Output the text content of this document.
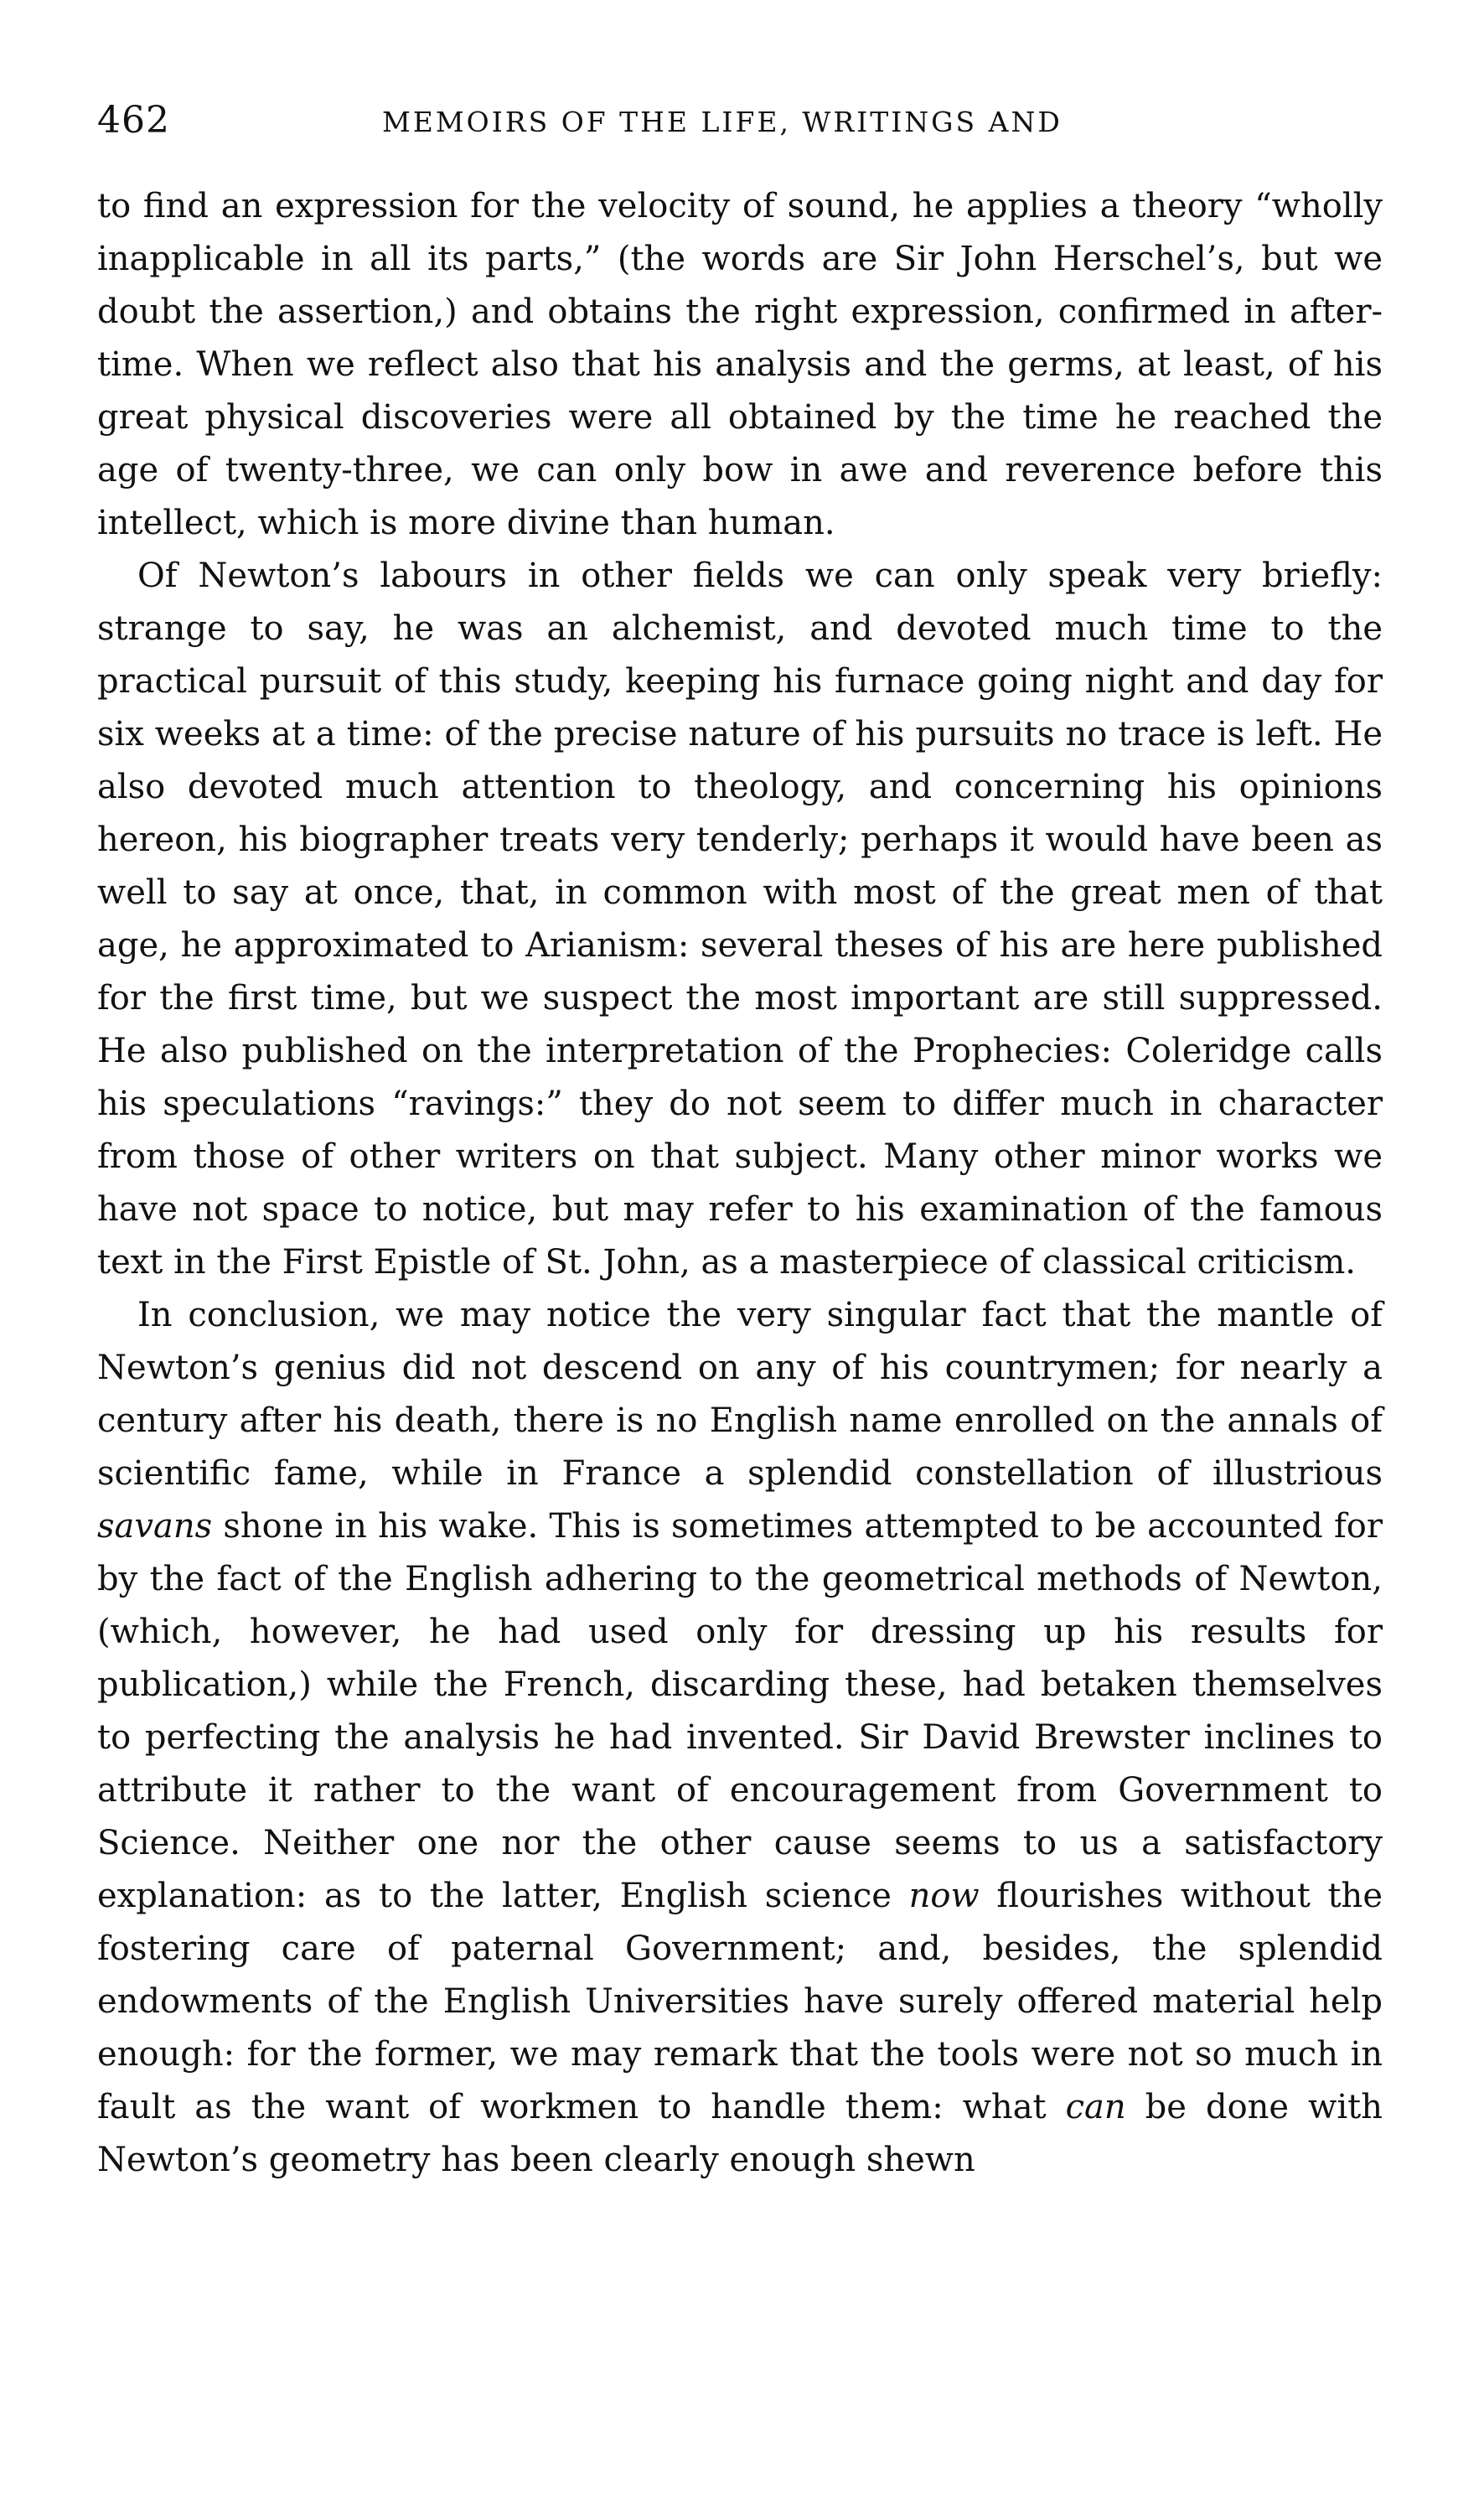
462	MEMOIRS OF THE LIFE, WRITINGS AND

to find an expression for the velocity of sound, he applies a theory “wholly inapplicable in all its parts,” (the words are Sir John Herschel’s, but we doubt the assertion,) and obtains the right expression, confirmed in after-time. When we reflect also that his analysis and the germs, at least, of his great physical discoveries were all obtained by the time he reached the age of twenty-three, we can only bow in awe and reverence before this intellect, which is more divine than human.

Of Newton’s labours in other fields we can only speak very briefly: strange to say, he was an alchemist, and devoted much time to the practical pursuit of this study, keeping his furnace going night and day for six weeks at a time: of the precise nature of his pursuits no trace is left. He also devoted much attention to theology, and concerning his opinions hereon, his biographer treats very tenderly; perhaps it would have been as well to say at once, that, in common with most of the great men of that age, he approximated to Arianism: several theses of his are here published for the first time, but we suspect the most important are still suppressed. He also published on the interpretation of the Prophecies: Coleridge calls his speculations “ravings:” they do not seem to differ much in character from those of other writers on that subject. Many other minor works we have not space to notice, but may refer to his examination of the famous text in the First Epistle of St. John, as a masterpiece of classical criticism.

In conclusion, we may notice the very singular fact that the mantle of Newton’s genius did not descend on any of his countrymen; for nearly a century after his death, there is no English name enrolled on the annals of scientific fame, while in France a splendid constellation of illustrious savans shone in his wake. This is sometimes attempted to be accounted for by the fact of the English adhering to the geometrical methods of Newton, (which, however, he had used only for dressing up his results for publication,) while the French, discarding these, had betaken themselves to perfecting the analysis he had invented. Sir David Brewster inclines to attribute it rather to the want of encouragement from Government to Science. Neither one nor the other cause seems to us a satisfactory explanation: as to the latter, English science now flourishes without the fostering care of paternal Government; and, besides, the splendid endowments of the English Universities have surely offered material help enough: for the former, we may remark that the tools were not so much in fault as the want of workmen to handle them: what can be done with Newton’s geometry has been clearly enough shewn
